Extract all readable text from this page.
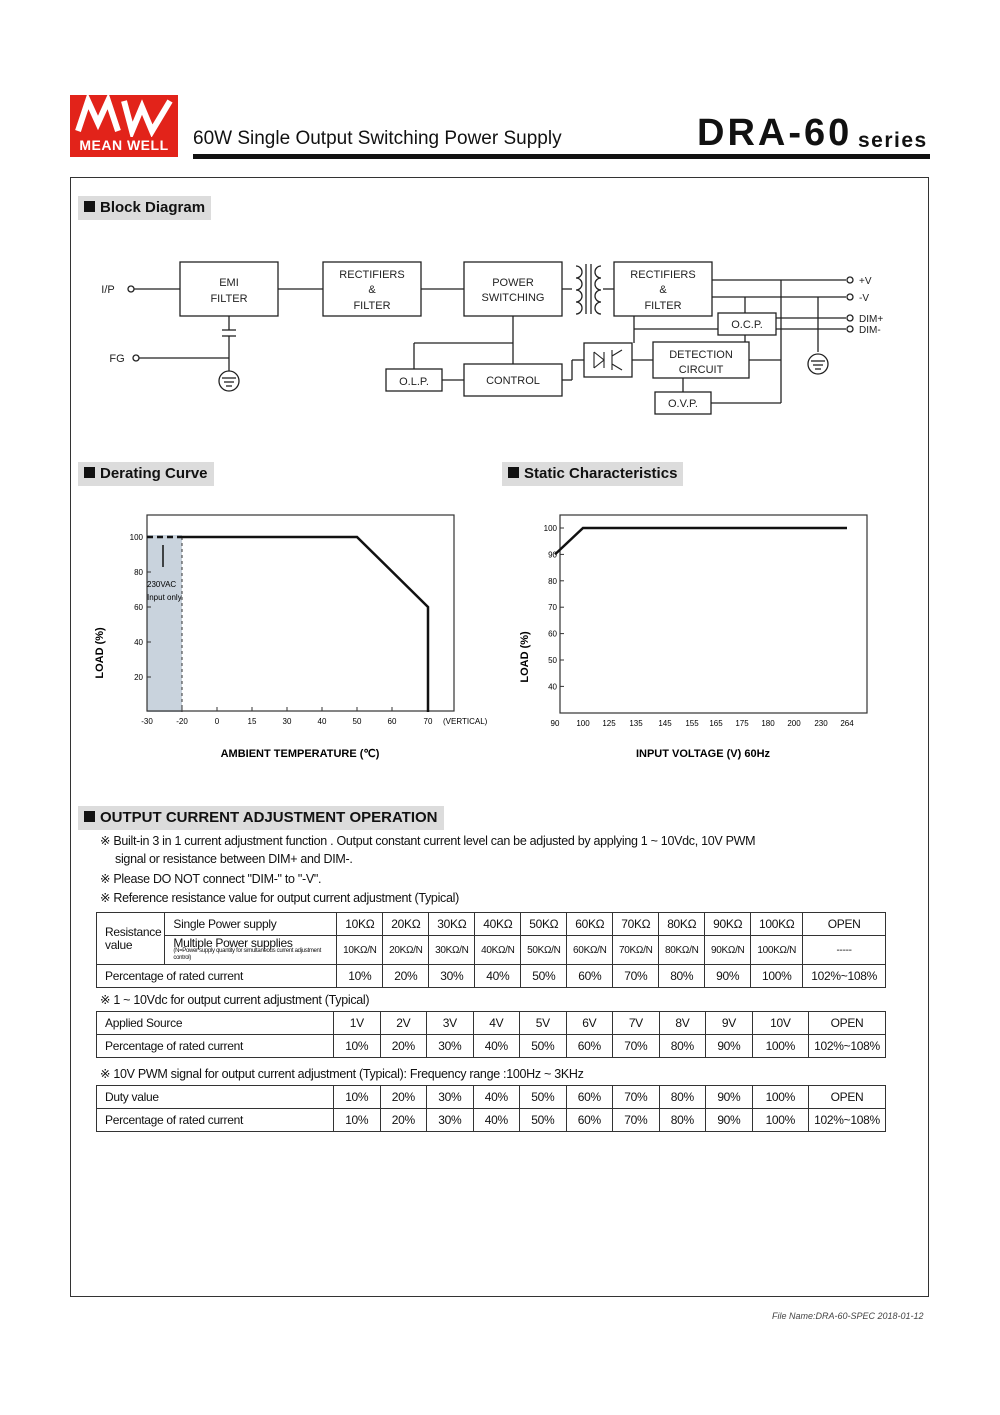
MEAN WELL	60W Single Output Switching Power Supply	DRA-60 series
Block Diagram
I/P
FG
EMI
FILTER
RECTIFIERS
&
FILTER
POWER
SWITCHING
RECTIFIERS
&
FILTER
O.C.P.
DETECTION
CIRCUIT
O.L.P.	CONTROL
O.V.P.
+V
-V
DIM+
DIM-
Derating Curve	Static Characteristics
100
80
60
40
20
-30	-20	0	15	30	40	50	60	70 (VERTICAL)
230VAC
Input only
AMBIENT TEMPERATURE (℃)
LOAD (%)
100
90
80
70
60
50
40
90 100 125 135 145 155 165 175 180 200 230 264
INPUT VOLTAGE (V) 60Hz
LOAD (%)
OUTPUT CURRENT ADJUSTMENT OPERATION
※ Built-in 3 in 1 current adjustment function . Output constant current level can be adjusted by applying 1 ~ 10Vdc, 10V PWM
signal or resistance between DIM+ and DIM-.
※ Please DO NOT connect "DIM-" to "-V".
※ Reference resistance value for output current adjustment (Typical)
Resistance
value	Single Power supply	10KΩ	20KΩ	30KΩ	40KΩ	50KΩ	60KΩ	70KΩ	80KΩ	90KΩ	100KΩ	OPEN

	Multiple Power supplies
(N=Power supply quantity for simultaneous current adjustment control)	10KΩ/N	20KΩ/N	30KΩ/N	40KΩ/N	50KΩ/N	60KΩ/N	70KΩ/N	80KΩ/N	90KΩ/N	100KΩ/N	-----
Percentage of rated current		10%	20%	30%	40%	50%	60%	70%	80%	90%	100%	102%~108%
※ 1 ~ 10Vdc for output current adjustment (Typical)
Applied Source	1V	2V	3V	4V	5V	6V	7V	8V	9V	10V	OPEN
Percentage of rated current	10%	20%	30%	40%	50%	60%	70%	80%	90%	100%	102%~108%
※ 10V PWM signal for output current adjustment (Typical): Frequency range :100Hz ~ 3KHz
Duty value	10%	20%	30%	40%	50%	60%	70%	80%	90%	100%	OPEN
Percentage of rated current	10%	20%	30%	40%	50%	60%	70%	80%	90%	100%	102%~108%
File Name:DRA-60-SPEC 2018-01-12
